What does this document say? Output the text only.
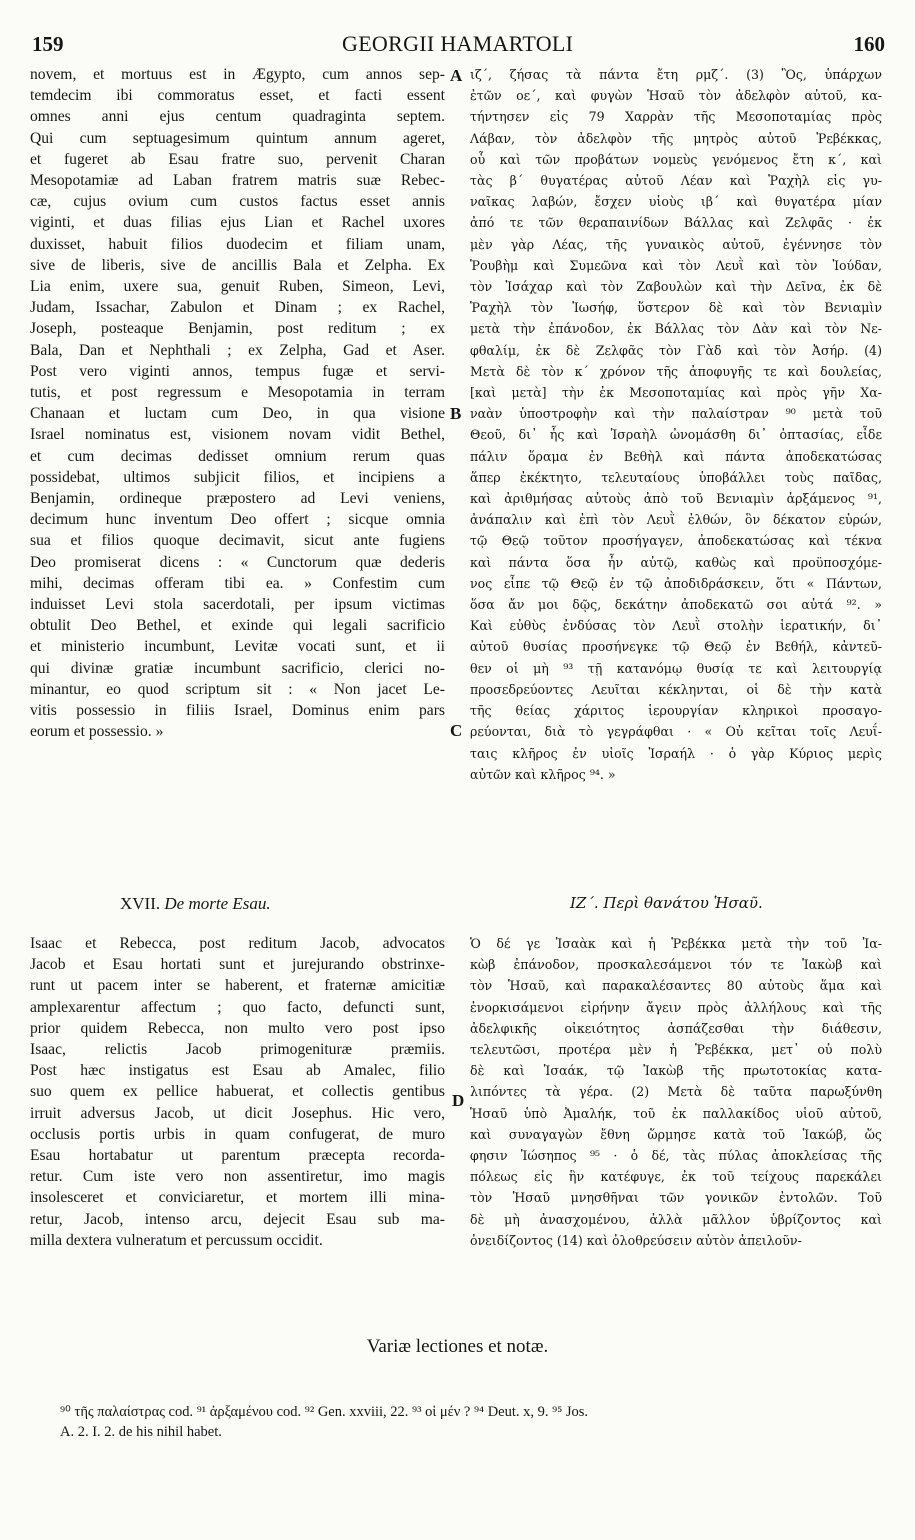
159	GEORGII HAMARTOLI	160
novem, et mortuus est in Ægypto, cum annos sep-
temdecim ibi commoratus esset, et facti essent
omnes anni ejus centum quadraginta septem.
Qui cum septuagesimum quintum annum ageret,
et fugeret ab Esau fratre suo, pervenit Charan
Mesopotamiæ ad Laban fratrem matris suæ Rebec-
cæ, cujus ovium cum custos factus esset annis
viginti, et duas filias ejus Lian et Rachel uxores
duxisset, habuit filios duodecim et filiam unam,
sive de liberis, sive de ancillis Bala et Zelpha. Ex
Lia enim, uxere sua, genuit Ruben, Simeon, Levi,
Judam, Issachar, Zabulon et Dinam ; ex Rachel,
Joseph, posteaque Benjamin, post reditum ; ex
Bala, Dan et Nephthali ; ex Zelpha, Gad et Aser.
Post vero viginti annos, tempus fugæ et servi-
tutis, et post regressum e Mesopotamia in terram
Chanaan et luctam cum Deo, in qua visione
Israel nominatus est, visionem novam vidit Bethel,
et cum decimas dedisset omnium rerum quas
possidebat, ultimos subjicit filios, et incipiens a
Benjamin, ordineque præpostero ad Levi veniens,
decimum hunc inventum Deo offert ; sicque omnia
sua et filios quoque decimavit, sicut ante fugiens
Deo promiserat dicens : « Cunctorum quæ dederis
mihi, decimas offeram tibi ea. » Confestim cum
induisset Levi stola sacerdotali, per ipsum victimas
obtulit Deo Bethel, et exinde qui legali sacrificio
et ministerio incumbunt, Levitæ vocati sunt, et ii
qui divinæ gratiæ incumbunt sacrificio, clerici no-
minantur, eo quod scriptum sit : « Non jacet Le-
vitis possessio in filiis Israel, Dominus enim pars
eorum et possessio. »
ιζ΄, ζήσας τὰ πάντα ἔτη ρμζ΄. (3) Ὃς, ὑπάρχων
ἐτῶν οε΄, καὶ φυγὼν Ἡσαῦ τὸν ἀδελφὸν αὐτοῦ, κα-
τήντησεν εἰς 79 Χαρρὰν τῆς Μεσοποταμίας πρὸς
Λάβαν, τὸν ἀδελφὸν τῆς μητρὸς αὐτοῦ Ῥεβέκκας,
οὗ καὶ τῶν προβάτων νομεὺς γενόμενος ἔτη κ΄, καὶ
τὰς β΄ θυγατέρας αὐτοῦ Λέαν καὶ Ῥαχὴλ εἰς γυ-
ναῖκας λαβών, ἔσχεν υἱοὺς ιβ΄ καὶ θυγατέρα μίαν
ἀπό τε τῶν θεραπαινίδων Βάλλας καὶ Ζελφᾶς · ἐκ
μὲν γὰρ Λέας, τῆς γυναικὸς αὐτοῦ, ἐγέννησε τὸν
Ῥουβὴμ καὶ Συμεῶνα καὶ τὸν Λευῒ καὶ τὸν Ἰούδαν,
τὸν Ἰσάχαρ καὶ τὸν Ζαβουλὼν καὶ τὴν Δεῖνα, ἐκ δὲ
Ῥαχὴλ τὸν Ἰωσήφ, ὕστερον δὲ καὶ τὸν Βενιαμὶν
μετὰ τὴν ἐπάνοδον, ἐκ Βάλλας τὸν Δὰν καὶ τὸν Νε-
φθαλίμ, ἐκ δὲ Ζελφᾶς τὸν Γὰδ καὶ τὸν Ἀσήρ. (4)
Μετὰ δὲ τὸν κ΄ χρόνον τῆς ἀποφυγῆς τε καὶ δουλείας,
[καὶ μετὰ] τὴν ἐκ Μεσοποταμίας καὶ πρὸς γῆν Χα-
ναὰν ὑποστροφὴν καὶ τὴν παλαίστραν ⁹⁰ μετὰ τοῦ
Θεοῦ, δι᾽ ἧς καὶ Ἰσραὴλ ὠνομάσθη δι᾽ ὀπτασίας, εἶδε
πάλιν ὅραμα ἐν Βεθὴλ καὶ πάντα ἀποδεκατώσας
ἅπερ ἐκέκτητο, τελευταίους ὑποβάλλει τοὺς παῖδας,
καὶ ἀριθμήσας αὐτοὺς ἀπὸ τοῦ Βενιαμὶν ἀρξάμενος ⁹¹,
ἀνάπαλιν καὶ ἐπὶ τὸν Λευῒ ἐλθών, ὃν δέκατον εὑρών,
τῷ Θεῷ τοῦτον προσήγαγεν, ἀποδεκατώσας καὶ τέκνα
καὶ πάντα ὅσα ἦν αὐτῷ, καθὼς καὶ προϋποσχόμε-
νος εἶπε τῷ Θεῷ ἐν τῷ ἀποδιδράσκειν, ὅτι « Πάντων,
ὅσα ἄν μοι δῷς, δεκάτην ἀποδεκατῶ σοι αὐτά ⁹². »
Καὶ εὐθὺς ἐνδύσας τὸν Λευῒ στολὴν ἱερατικήν, δι᾽
αὐτοῦ θυσίας προσήνεγκε τῷ Θεῷ ἐν Βεθήλ, κἀντεῦ-
θεν οἱ μὴ ⁹³ τῇ κατανόμῳ θυσίᾳ τε καὶ λειτουργίᾳ
προσεδρεύοντες Λευῖται κέκληνται, οἱ δὲ τὴν κατὰ
τῆς θείας χάριτος ἱερουργίαν κληρικοὶ προσαγο-
ρεύονται, διὰ τὸ γεγράφθαι · « Οὐ κεῖται τοῖς Λευΐ-
ταις κλῆρος ἐν υἱοῖς Ἰσραήλ · ὁ γὰρ Κύριος μερὶς
αὐτῶν καὶ κλῆρος ⁹⁴. »
A
B
C
D
XVII. De morte Esau.	ΙΖ΄. Περὶ θανάτου Ἡσαῦ.
Isaac et Rebecca, post reditum Jacob, advocatos
Jacob et Esau hortati sunt et jurejurando obstrinxe-
runt ut pacem inter se haberent, et fraternæ amicitiæ
amplexarentur affectum ; quo facto, defuncti sunt,
prior quidem Rebecca, non multo vero post ipso
Isaac, relictis Jacob primogenituræ præmiis.
Post hæc instigatus est Esau ab Amalec, filio
suo quem ex pellice habuerat, et collectis gentibus
irruit adversus Jacob, ut dicit Josephus. Hic vero,
occlusis portis urbis in quam confugerat, de muro
Esau hortabatur ut parentum præcepta recorda-
retur. Cum iste vero non assentiretur, imo magis
insolesceret et conviciaretur, et mortem illi mina-
retur, Jacob, intenso arcu, dejecit Esau sub ma-
milla dextera vulneratum et percussum occidit.
Ὁ δέ γε Ἰσαὰκ καὶ ἡ Ῥεβέκκα μετὰ τὴν τοῦ Ἰα-
κὼβ ἐπάνοδον, προσκαλεσάμενοι τόν τε Ἰακὼβ καὶ
τὸν Ἡσαῦ, καὶ παρακαλέσαντες 80 αὐτοὺς ἅμα καὶ
ἐνορκισάμενοι εἰρήνην ἄγειν πρὸς ἀλλήλους καὶ τῆς
ἀδελφικῆς οἰκειότητος ἀσπάζεσθαι τὴν διάθεσιν,
τελευτῶσι, προτέρα μὲν ἡ Ῥεβέκκα, μετ᾽ οὐ πολὺ
δὲ καὶ Ἰσαάκ, τῷ Ἰακὼβ τῆς πρωτοτοκίας κατα-
λιπόντες τὰ γέρα. (2) Μετὰ δὲ ταῦτα παρωξύνθη
Ἡσαῦ ὑπὸ Ἀμαλήκ, τοῦ ἐκ παλλακίδος υἱοῦ αὐτοῦ,
καὶ συναγαγὼν ἔθνη ὥρμησε κατὰ τοῦ Ἰακώβ, ὥς
φησιν Ἰώσηπος ⁹⁵ · ὁ δέ, τὰς πύλας ἀποκλείσας τῆς
πόλεως εἰς ἣν κατέφυγε, ἐκ τοῦ τείχους παρεκάλει
τὸν Ἡσαῦ μνησθῆναι τῶν γονικῶν ἐντολῶν. Τοῦ
δὲ μὴ ἀνασχομένου, ἀλλὰ μᾶλλον ὑβρίζοντος καὶ
ὀνειδίζοντος (14) καὶ ὀλοθρεύσειν αὐτὸν ἀπειλοῦν-
Variæ lectiones et notæ.
⁹⁰ τῆς παλαίστρας cod. ⁹¹ ἀρξαμένου cod. ⁹² Gen. xxviii, 22. ⁹³ οἱ μέν ? ⁹⁴ Deut. x, 9. ⁹⁵ Jos.
A. 2. I. 2. de his nihil habet.
